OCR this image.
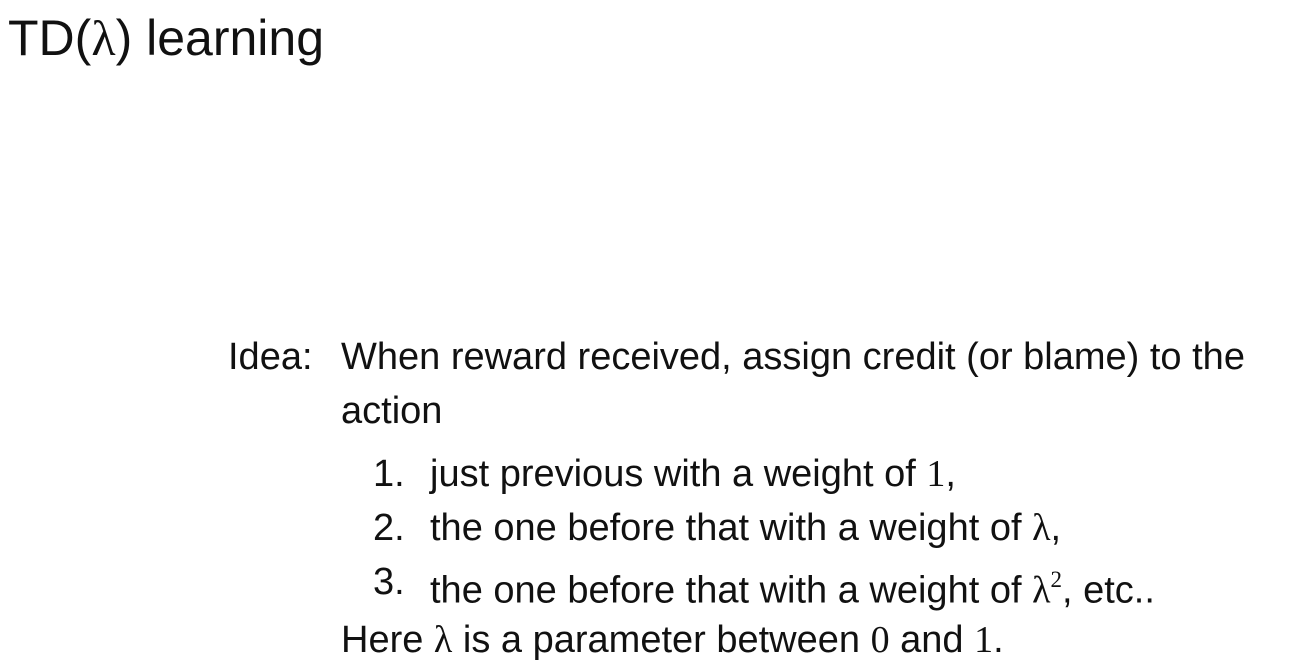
TD(λ) learning
Idea: When reward received, assign credit (or blame) to the action
1. just previous with a weight of 1,
2. the one before that with a weight of λ,
3. the one before that with a weight of $\lambda^2$, etc..
Here λ is a parameter between 0 and 1.
